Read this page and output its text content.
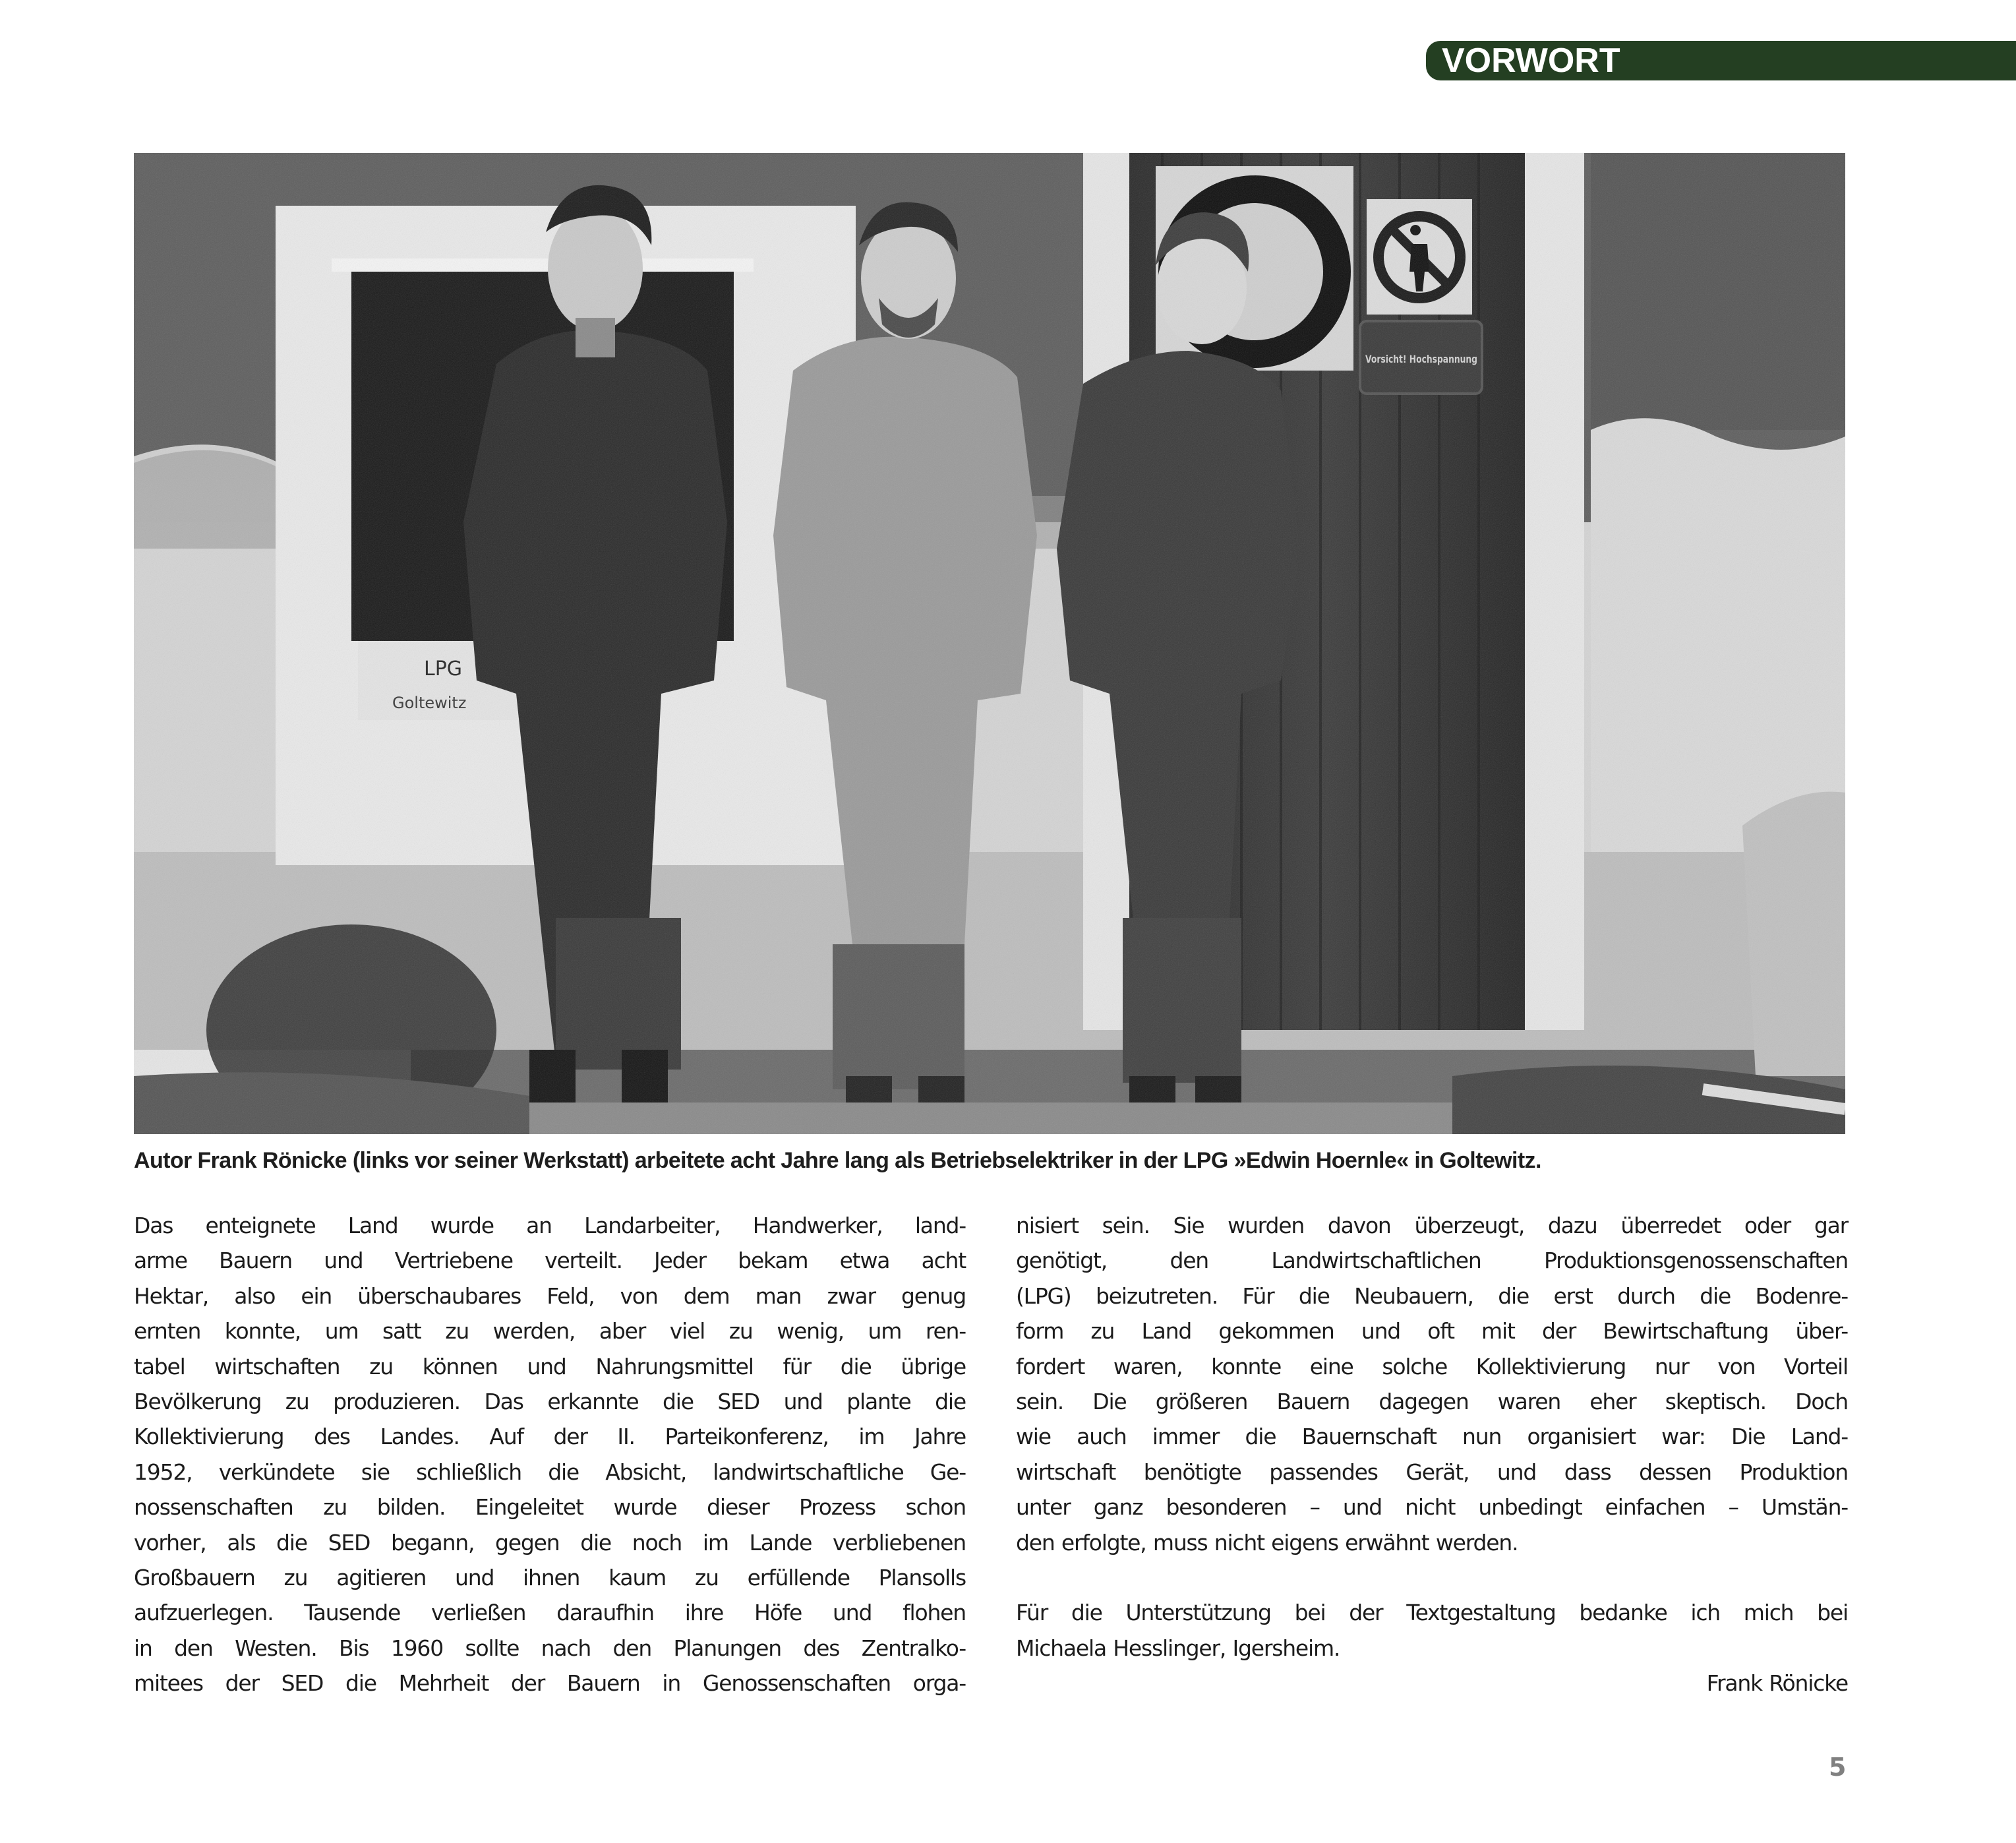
VORWORT
LPG
Goltewitz
Vorsicht! Hochspannung
Autor Frank Rönicke (links vor seiner Werkstatt) arbeitete acht Jahre lang als Betriebselektriker in der LPG »Edwin Hoernle« in Goltewitz.
Das enteignete Land wurde an Landarbeiter, Handwerker, land-
arme Bauern und Vertriebene verteilt. Jeder bekam etwa acht
Hektar, also ein überschaubares Feld, von dem man zwar genug
ernten konnte, um satt zu werden, aber viel zu wenig, um ren-
tabel wirtschaften zu können und Nahrungsmittel für die übrige
Bevölkerung zu produzieren. Das erkannte die SED und plante die
Kollektivierung des Landes. Auf der II. Parteikonferenz, im Jahre
1952, verkündete sie schließlich die Absicht, landwirtschaftliche Ge-
nossenschaften zu bilden. Eingeleitet wurde dieser Prozess schon
vorher, als die SED begann, gegen die noch im Lande verbliebenen
Großbauern zu agitieren und ihnen kaum zu erfüllende Plansolls
aufzuerlegen. Tausende verließen daraufhin ihre Höfe und flohen
in den Westen. Bis 1960 sollte nach den Planungen des Zentralko-
mitees der SED die Mehrheit der Bauern in Genossenschaften orga-
nisiert sein. Sie wurden davon überzeugt, dazu überredet oder gar
genötigt, den Landwirtschaftlichen Produktionsgenossenschaften
(LPG) beizutreten. Für die Neubauern, die erst durch die Bodenre-
form zu Land gekommen und oft mit der Bewirtschaftung über-
fordert waren, konnte eine solche Kollektivierung nur von Vorteil
sein. Die größeren Bauern dagegen waren eher skeptisch. Doch
wie auch immer die Bauernschaft nun organisiert war: Die Land-
wirtschaft benötigte passendes Gerät, und dass dessen Produktion
unter ganz besonderen – und nicht unbedingt einfachen – Umstän-
den erfolgte, muss nicht eigens erwähnt werden.
Für die Unterstützung bei der Textgestaltung bedanke ich mich bei
Michaela Hesslinger, Igersheim.
Frank Rönicke
5
